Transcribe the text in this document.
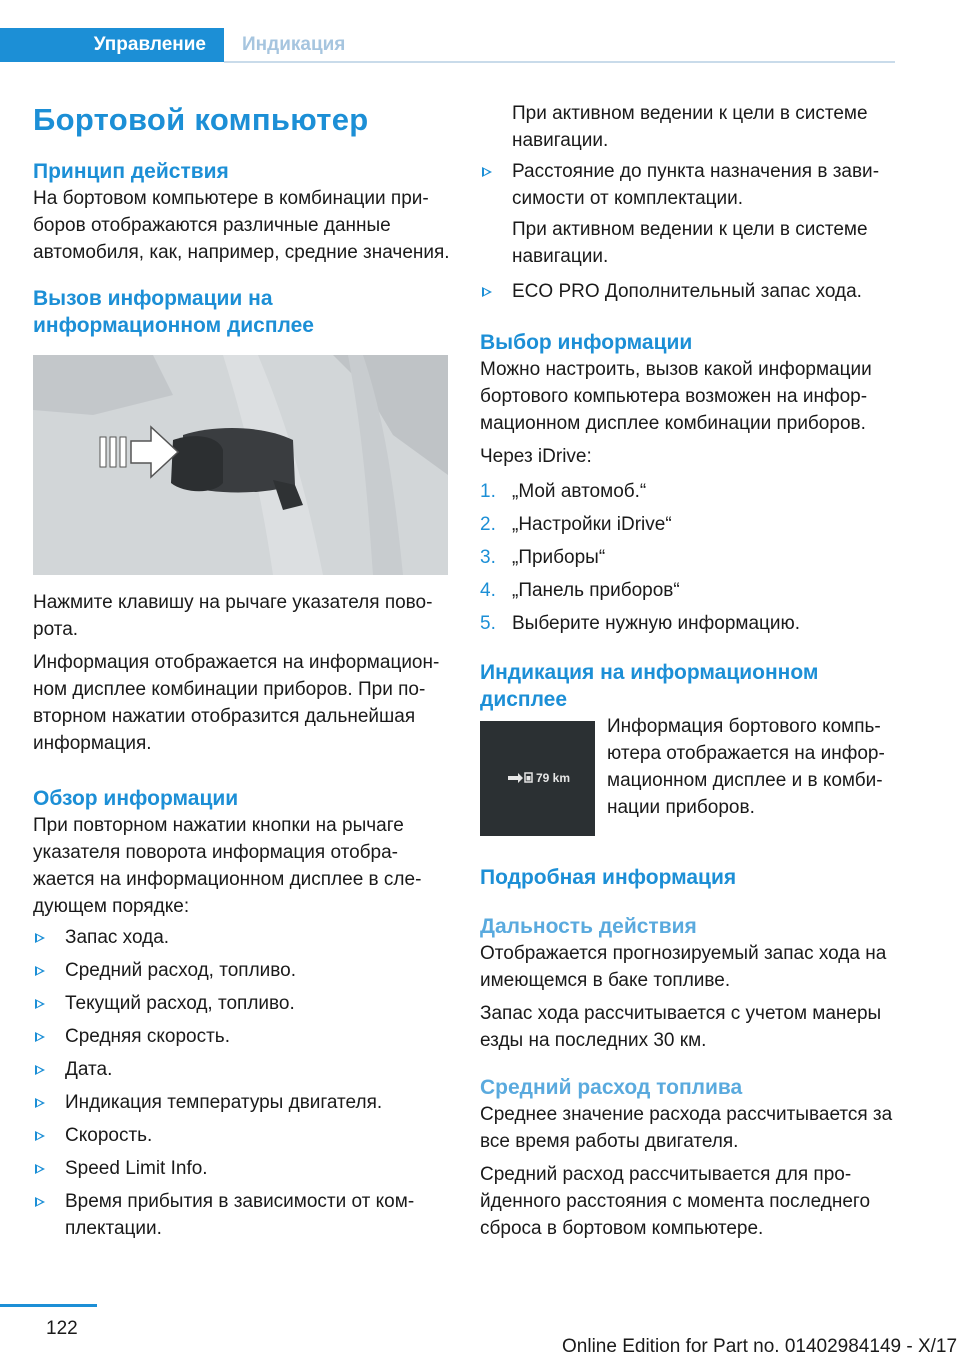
Управление Индикация
Бортовой компьютер
Принцип действия

На бортовом компьютере в комбинации приборов отображаются различные данные автомобиля, как, например, средние значения.

Вызов информации на информационном дисплее

Нажмите клавишу на рычаге указателя поворота.

Информация отображается на информационном дисплее комбинации приборов. При повторном нажатии отобразится дальнейшая информация.

Обзор информации

При повторном нажатии кнопки на рычаге указателя поворота информация отображается на информационном дисплее в следующем порядке:

Запас хода.
Средний расход, топливо.
Текущий расход, топливо.
Средняя скорость.
Дата.
Индикация температуры двигателя.
Скорость.
Speed Limit Info.
Время прибытия в зависимости от комплектации.

При активном ведении к цели в системе навигации.

Расстояние до пункта назначения в зависимости от комплектации.

При активном ведении к цели в системе навигации.

ECO PRO Дополнительный запас хода.
Выбор информации

Можно настроить, вызов какой информации бортового компьютера возможен на информационном дисплее комбинации приборов.

Через iDrive:

1. „Мой автомоб.“
2. „Настройки iDrive“
3. „Приборы“
4. „Панель приборов“
5. Выберите нужную информацию.
Индикация на информационном дисплее
79 km

Информация бортового компьютера отображается на информационном дисплее и в комбинации приборов.

Подробная информация
Дальность действия

Отображается прогнозируемый запас хода на имеющемся в баке топливе.

Запас хода рассчитывается с учетом манеры езды на последних 30 км.

Средний расход топлива

Среднее значение расхода рассчитывается за все время работы двигателя.

Средний расход рассчитывается для пройденного расстояния с момента последнего сброса в бортовом компьютере.

122
Online Edition for Part no. 01402984149 - X/17
